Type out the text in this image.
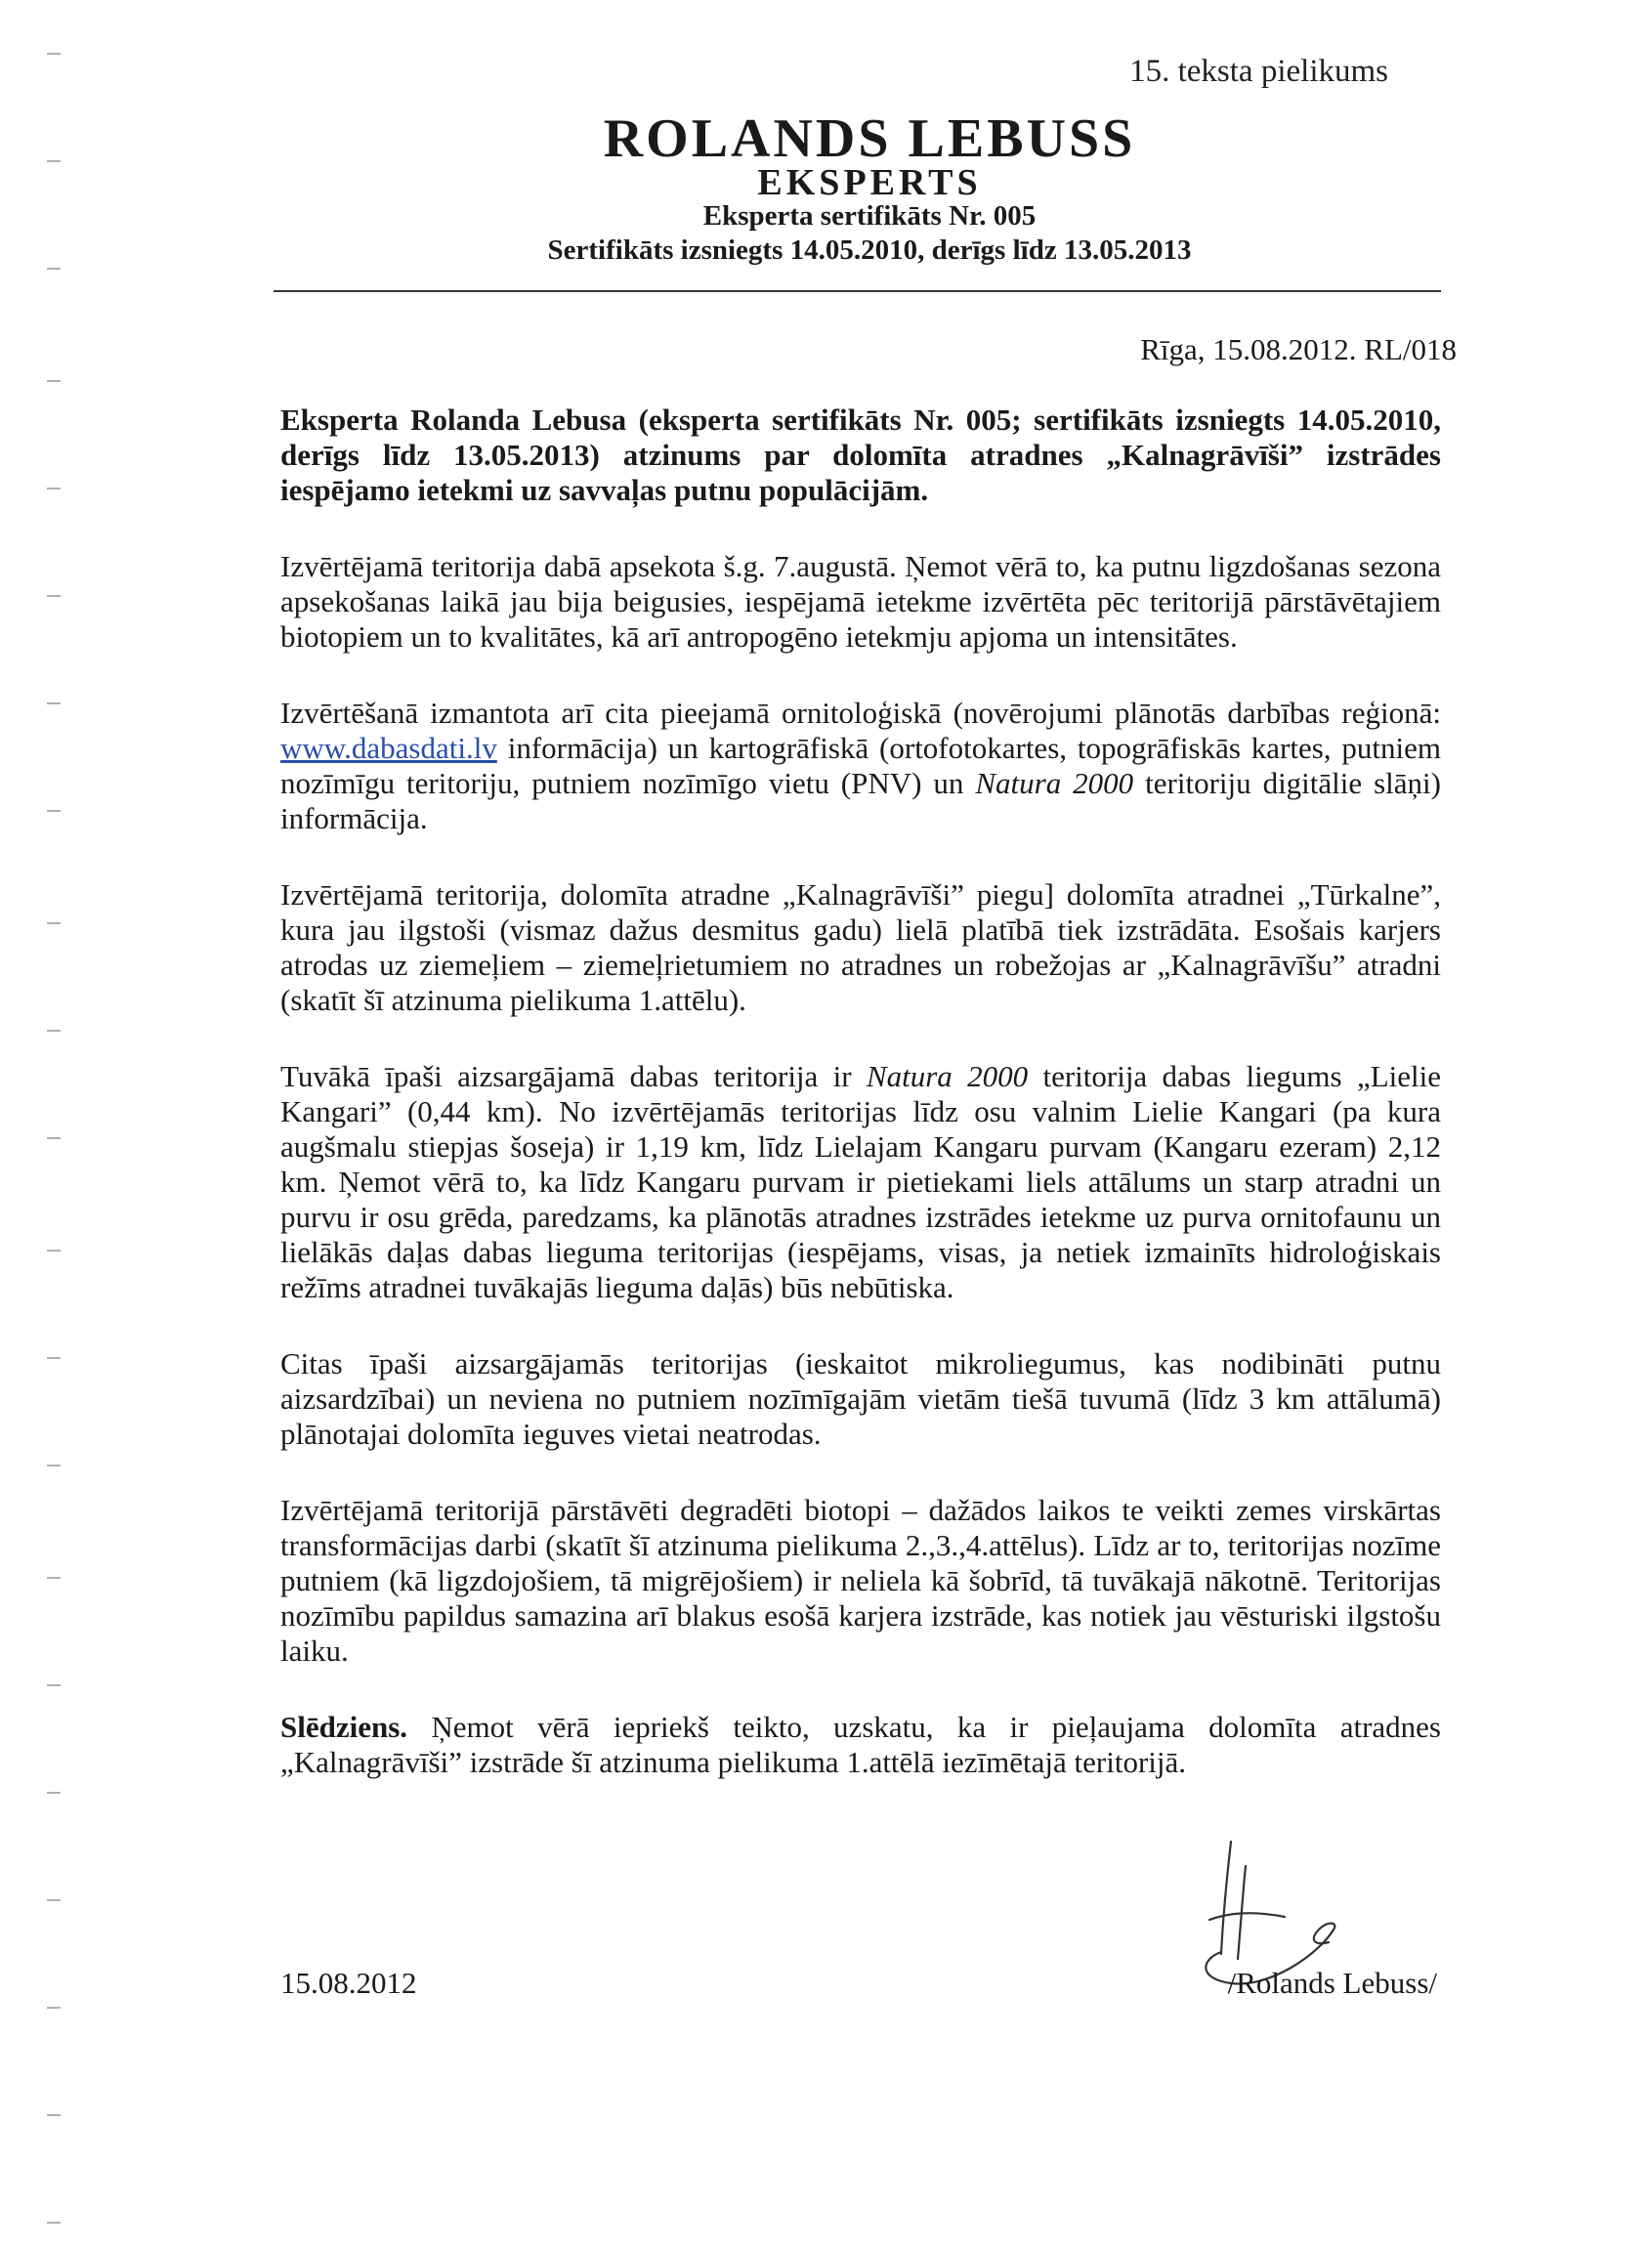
15. teksta pielikums
ROLANDS LEBUSS
EKSPERTS
Eksperta sertifikāts Nr. 005
Sertifikāts izsniegts 14.05.2010, derīgs līdz 13.05.2013
Rīga, 15.08.2012. RL/018

Eksperta Rolanda Lebusa (eksperta sertifikāts Nr. 005; sertifikāts izsniegts 14.05.2010, derīgs līdz 13.05.2013) atzinums par dolomīta atradnes „Kalnagrāvīši” izstrādes iespējamo ietekmi uz savvaļas putnu populācijām.

Izvērtējamā teritorija dabā apsekota š.g. 7.augustā. Ņemot vērā to, ka putnu ligzdošanas sezona apsekošanas laikā jau bija beigusies, iespējamā ietekme izvērtēta pēc teritorijā pārstāvētajiem biotopiem un to kvalitātes, kā arī antropogēno ietekmju apjoma un intensitātes.

Izvērtēšanā izmantota arī cita pieejamā ornitoloģiskā (novērojumi plānotās darbības reģionā: www.dabasdati.lv informācija) un kartogrāfiskā (ortofotokartes, topogrāfiskās kartes, putniem nozīmīgu teritoriju, putniem nozīmīgo vietu (PNV) un Natura 2000 teritoriju digitālie slāņi) informācija.

Izvērtējamā teritorija, dolomīta atradne „Kalnagrāvīši” piegu] dolomīta atradnei „Tūrkalne”, kura jau ilgstoši (vismaz dažus desmitus gadu) lielā platībā tiek izstrādāta. Esošais karjers atrodas uz ziemeļiem – ziemeļrietumiem no atradnes un robežojas ar „Kalnagrāvīšu” atradni (skatīt šī atzinuma pielikuma 1.attēlu).

Tuvākā īpaši aizsargājamā dabas teritorija ir Natura 2000 teritorija dabas liegums „Lielie Kangari” (0,44 km). No izvērtējamās teritorijas līdz osu valnim Lielie Kangari (pa kura augšmalu stiepjas šoseja) ir 1,19 km, līdz Lielajam Kangaru purvam (Kangaru ezeram) 2,12 km. Ņemot vērā to, ka līdz Kangaru purvam ir pietiekami liels attālums un starp atradni un purvu ir osu grēda, paredzams, ka plānotās atradnes izstrādes ietekme uz purva ornitofaunu un lielākās daļas dabas lieguma teritorijas (iespējams, visas, ja netiek izmainīts hidroloģiskais režīms atradnei tuvākajās lieguma daļās) būs nebūtiska.

Citas īpaši aizsargājamās teritorijas (ieskaitot mikroliegumus, kas nodibināti putnu aizsardzībai) un neviena no putniem nozīmīgajām vietām tiešā tuvumā (līdz 3 km attālumā) plānotajai dolomīta ieguves vietai neatrodas.

Izvērtējamā teritorijā pārstāvēti degradēti biotopi – dažādos laikos te veikti zemes virskārtas transformācijas darbi (skatīt šī atzinuma pielikuma 2.,3.,4.attēlus). Līdz ar to, teritorijas nozīme putniem (kā ligzdojošiem, tā migrējošiem) ir neliela kā šobrīd, tā tuvākajā nākotnē. Teritorijas nozīmību papildus samazina arī blakus esošā karjera izstrāde, kas notiek jau vēsturiski ilgstošu laiku.

Slēdziens. Ņemot vērā iepriekš teikto, uzskatu, ka ir pieļaujama dolomīta atradnes „Kalnagrāvīši” izstrāde šī atzinuma pielikuma 1.attēlā iezīmētajā teritorijā.

15.08.2012	/Rolands Lebuss/
